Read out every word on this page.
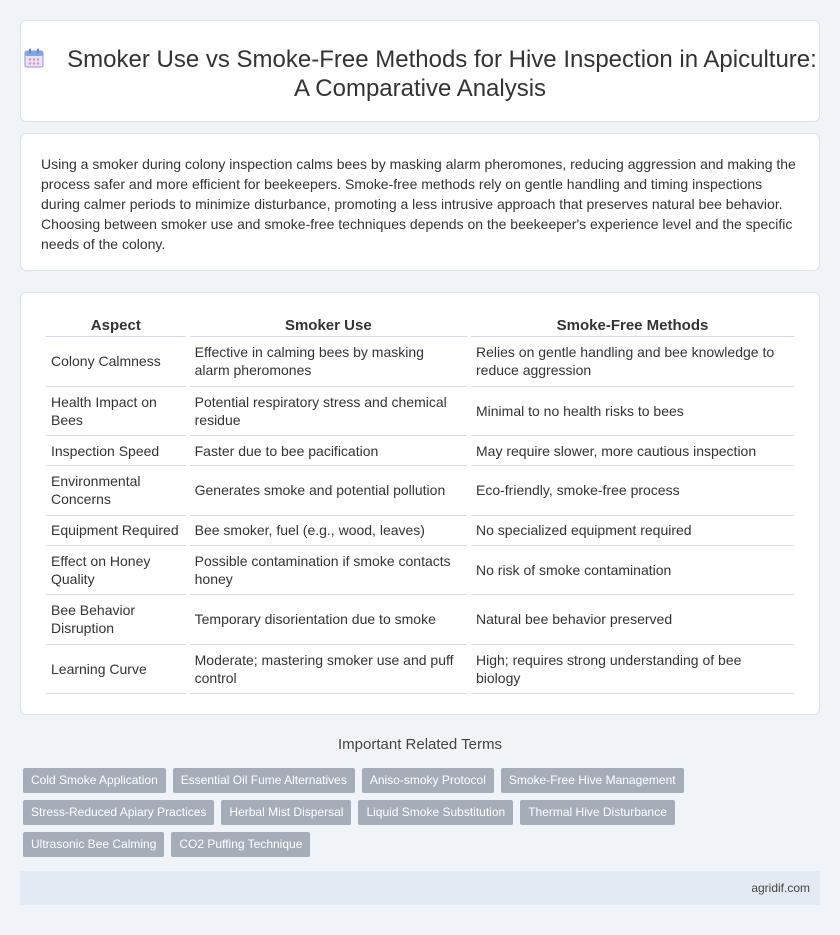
Smoker Use vs Smoke-Free Methods for Hive Inspection in Apiculture: A Comparative Analysis

Using a smoker during colony inspection calms bees by masking alarm pheromones, reducing aggression and making the process safer and more efficient for beekeepers. Smoke-free methods rely on gentle handling and timing inspections during calmer periods to minimize disturbance, promoting a less intrusive approach that preserves natural bee behavior. Choosing between smoker use and smoke-free techniques depends on the beekeeper's experience level and the specific needs of the colony.

Aspect	Smoker Use	Smoke-Free Methods
Colony Calmness	Effective in calming bees by masking alarm pheromones	Relies on gentle handling and bee knowledge to reduce aggression
Health Impact on Bees	Potential respiratory stress and chemical residue	Minimal to no health risks to bees
Inspection Speed	Faster due to bee pacification	May require slower, more cautious inspection
Environmental Concerns	Generates smoke and potential pollution	Eco-friendly, smoke-free process
Equipment Required	Bee smoker, fuel (e.g., wood, leaves)	No specialized equipment required
Effect on Honey Quality	Possible contamination if smoke contacts honey	No risk of smoke contamination
Bee Behavior Disruption	Temporary disorientation due to smoke	Natural bee behavior preserved
Learning Curve	Moderate; mastering smoker use and puff control	High; requires strong understanding of bee biology
Important Related Terms
Cold Smoke Application	Essential Oil Fume Alternatives	Aniso-smoky Protocol	Smoke-Free Hive Management
Stress-Reduced Apiary Practices	Herbal Mist Dispersal	Liquid Smoke Substitution	Thermal Hive Disturbance
Ultrasonic Bee Calming	CO2 Puffing Technique
agridif.com
